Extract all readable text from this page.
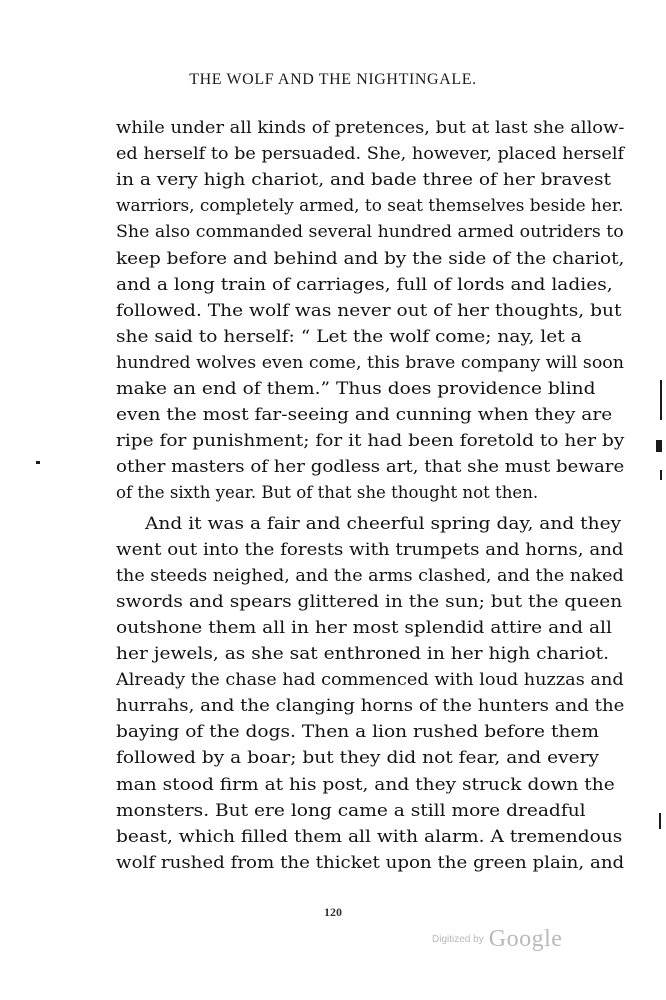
THE WOLF AND THE NIGHTINGALE.
while under all kinds of pretences, but at last she allow-
ed herself to be persuaded. She, however, placed herself
in a very high chariot, and bade three of her bravest
warriors, completely armed, to seat themselves beside her.
She also commanded several hundred armed outriders to
keep before and behind and by the side of the chariot,
and a long train of carriages, full of lords and ladies,
followed. The wolf was never out of her thoughts, but
she said to herself: “ Let the wolf come; nay, let a
hundred wolves even come, this brave company will soon
make an end of them.” Thus does providence blind
even the most far-seeing and cunning when they are
ripe for punishment; for it had been foretold to her by
other masters of her godless art, that she must beware
of the sixth year. But of that she thought not then.
And it was a fair and cheerful spring day, and they
went out into the forests with trumpets and horns, and
the steeds neighed, and the arms clashed, and the naked
swords and spears glittered in the sun; but the queen
outshone them all in her most splendid attire and all
her jewels, as she sat enthroned in her high chariot.
Already the chase had commenced with loud huzzas and
hurrahs, and the clanging horns of the hunters and the
baying of the dogs. Then a lion rushed before them
followed by a boar; but they did not fear, and every
man stood firm at his post, and they struck down the
monsters. But ere long came a still more dreadful
beast, which filled them all with alarm. A tremendous
wolf rushed from the thicket upon the green plain, and
120
Digitized by Google
